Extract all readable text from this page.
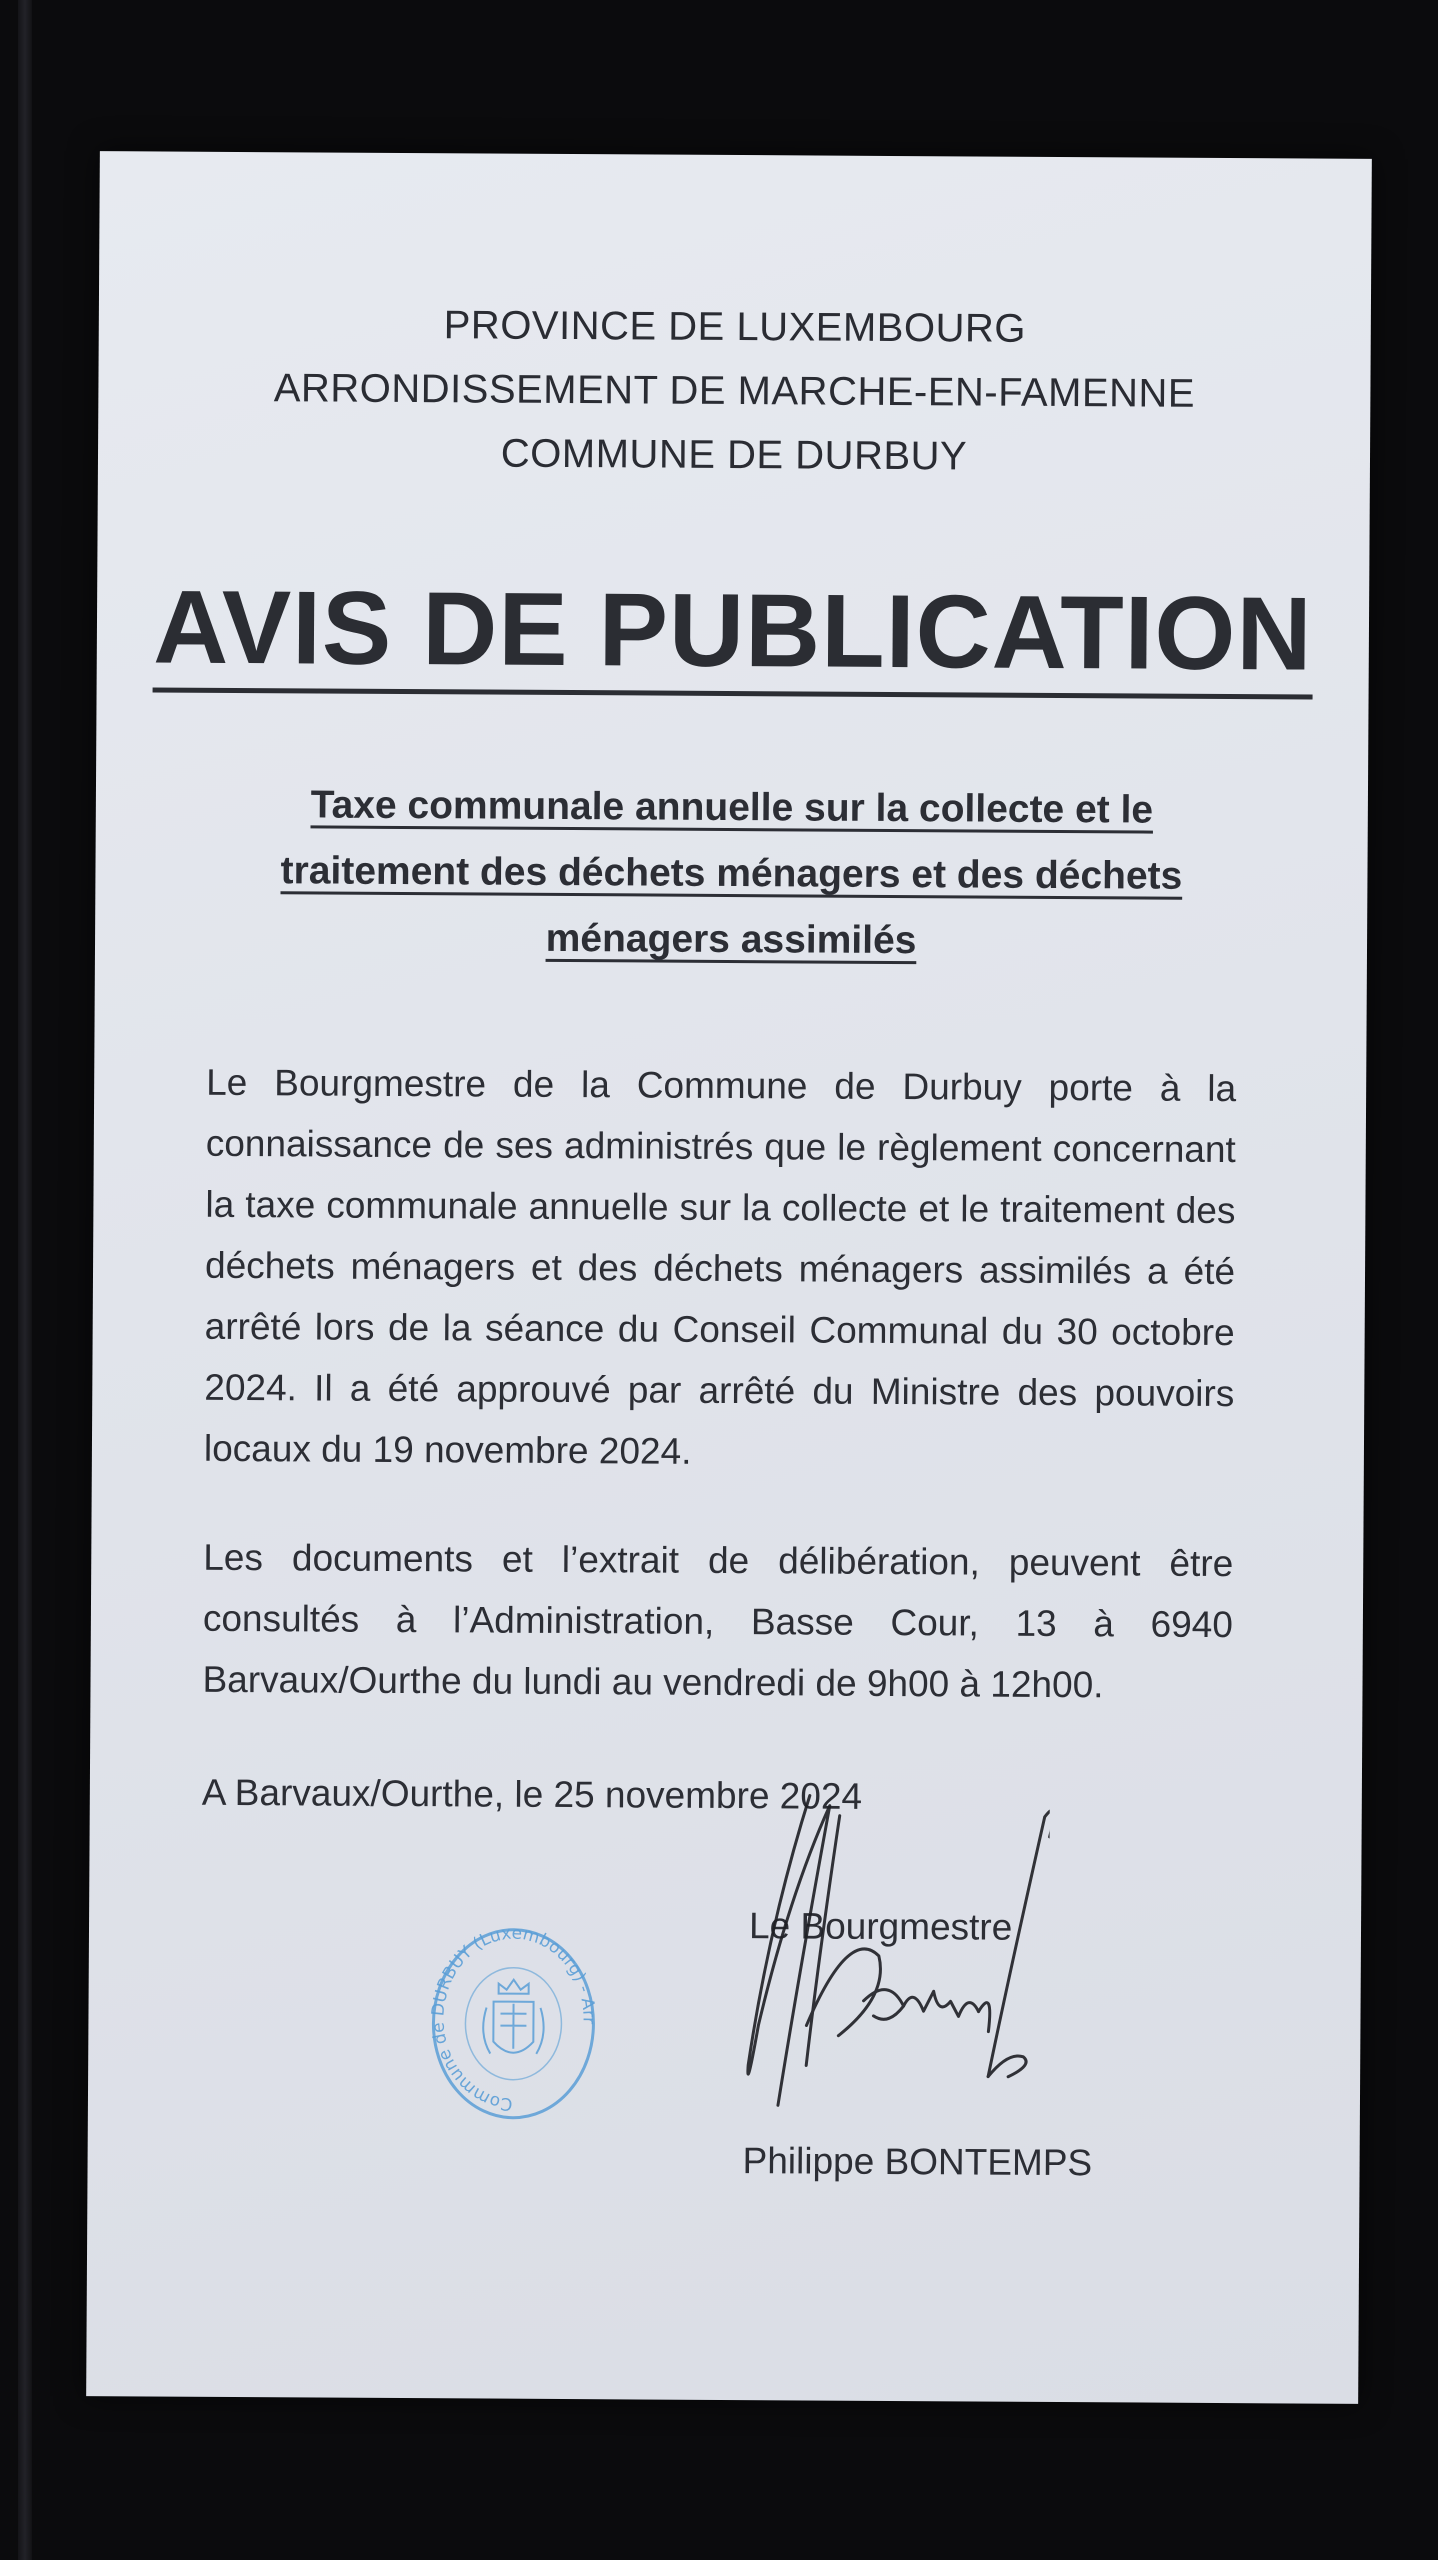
PROVINCE DE LUXEMBOURG
ARRONDISSEMENT DE MARCHE-EN-FAMENNE
COMMUNE DE DURBUY
AVIS DE PUBLICATION
Taxe communale annuelle sur la collecte et le traitement des déchets ménagers et des déchets ménagers assimilés
Le Bourgmestre de la Commune de Durbuy porte à la connaissance de ses administrés que le règlement concernant la taxe communale annuelle sur la collecte et le traitement des déchets ménagers et des déchets ménagers assimilés a été arrêté lors de la séance du Conseil Communal du 30 octobre 2024. Il a été approuvé par arrêté du Ministre des pouvoirs locaux du 19 novembre 2024.
Les documents et l’extrait de délibération, peuvent être consultés à l’Administration, Basse Cour, 13 à 6940 Barvaux/Ourthe du lundi au vendredi de 9h00 à 12h00.
A Barvaux/Ourthe, le 25 novembre 2024
Commune de DURBUY (Luxembourg) - Arr
Le Bourgmestre
Philippe BONTEMPS
